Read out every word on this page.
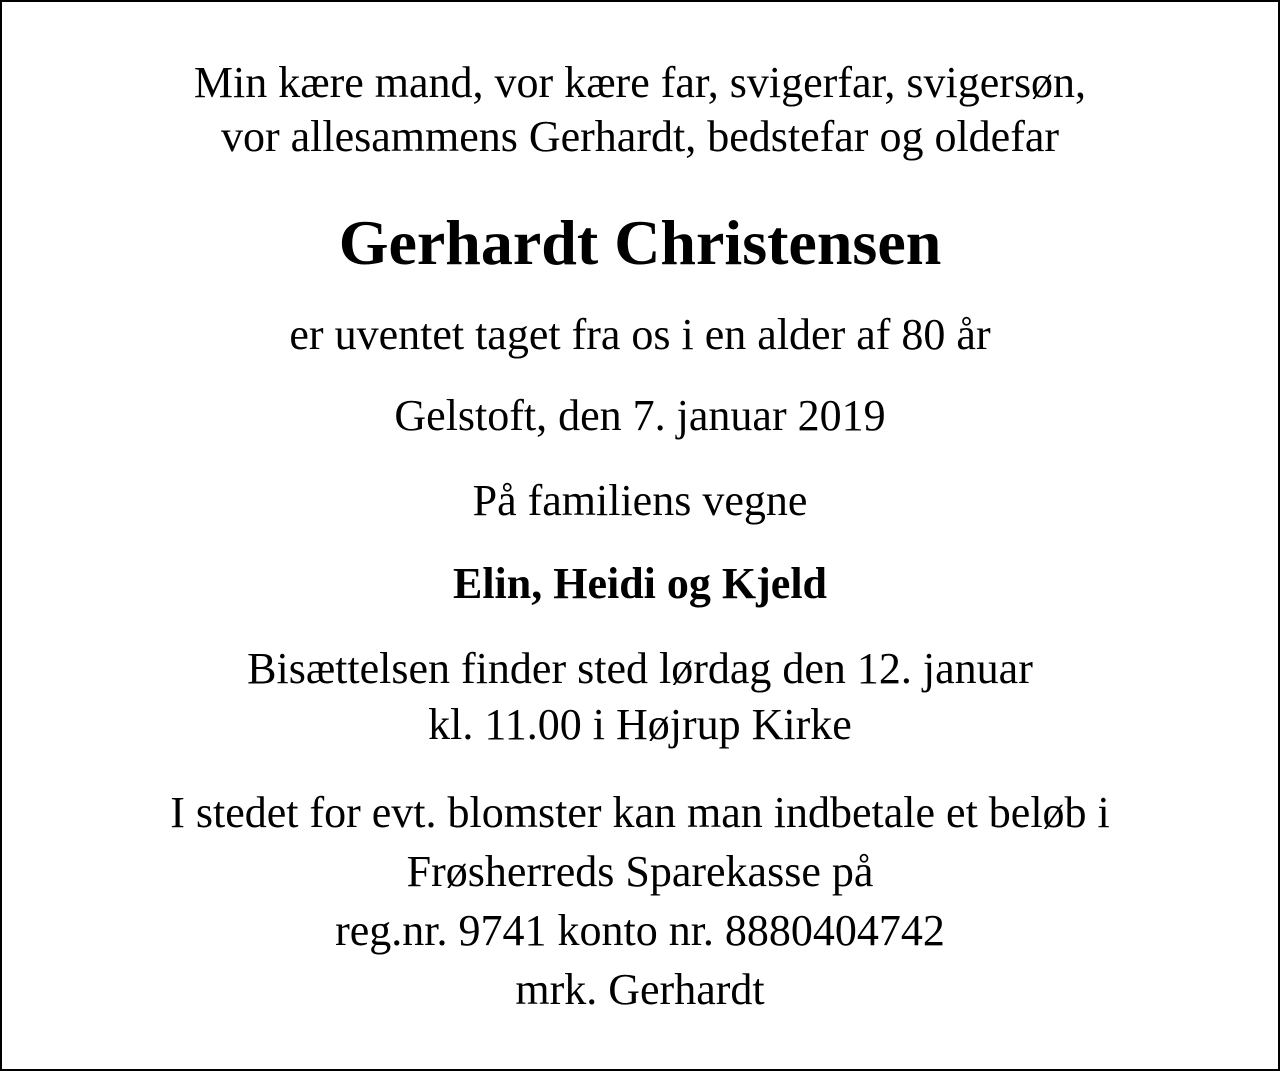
Min kære mand, vor kære far, svigerfar, svigersøn,
vor allesammens Gerhardt, bedstefar og oldefar

Gerhardt Christensen

er uventet taget fra os i en alder af 80 år

Gelstoft, den 7. januar 2019

På familiens vegne

Elin, Heidi og Kjeld

Bisættelsen finder sted lørdag den 12. januar
kl. 11.00 i Højrup Kirke

I stedet for evt. blomster kan man indbetale et beløb i
Frøsherreds Sparekasse på
reg.nr. 9741 konto nr. 8880404742
mrk. Gerhardt
